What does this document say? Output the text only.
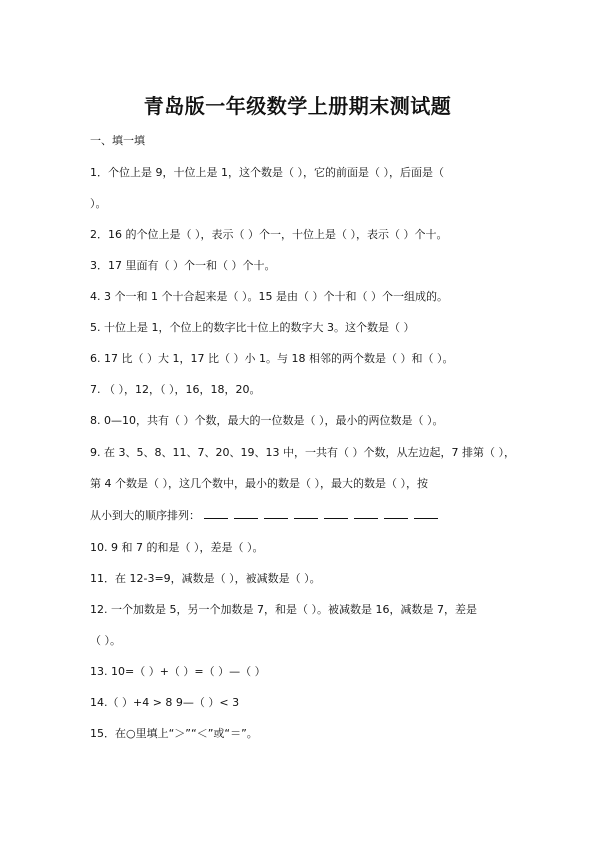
青岛版一年级数学上册期末测试题
一、填一填
1．个位上是 9，十位上是 1，这个数是（ ），它的前面是（ ），后面是（
）。
2．16 的个位上是（ ），表示（ ）个一，十位上是（ ），表示（ ）个十。
3．17 里面有（ ）个一和（ ）个十。
4. 3 个一和 1 个十合起来是（ ）。15 是由（ ）个十和（ ）个一组成的。
5. 十位上是 1，个位上的数字比十位上的数字大 3。这个数是（ ）
6. 17 比（ ）大 1，17 比（ ）小 1。与 18 相邻的两个数是（ ）和（ ）。
7. （ ），12，（ ），16，18，20。
8. 0—10，共有（ ）个数，最大的一位数是（ ），最小的两位数是（ ）。
9. 在 3、5、8、11、7、20、19、13 中，一共有（ ）个数，从左边起，7 排第（ ），
第 4 个数是（ ），这几个数中，最小的数是（ ），最大的数是（ ），按
从小到大的顺序排列：
10. 9 和 7 的和是（ ），差是（ ）。
11．在 12-3=9，减数是（ ），被减数是（ ）。
12. 一个加数是 5，另一个加数是 7，和是（ ）。被减数是 16，减数是 7，差是
（ ）。
13. 10=（ ）+（ ）=（ ）—（ ）
14.（ ）+4 > 8 9—（ ）< 3
15．在○里填上“＞”“＜”或“＝”。
